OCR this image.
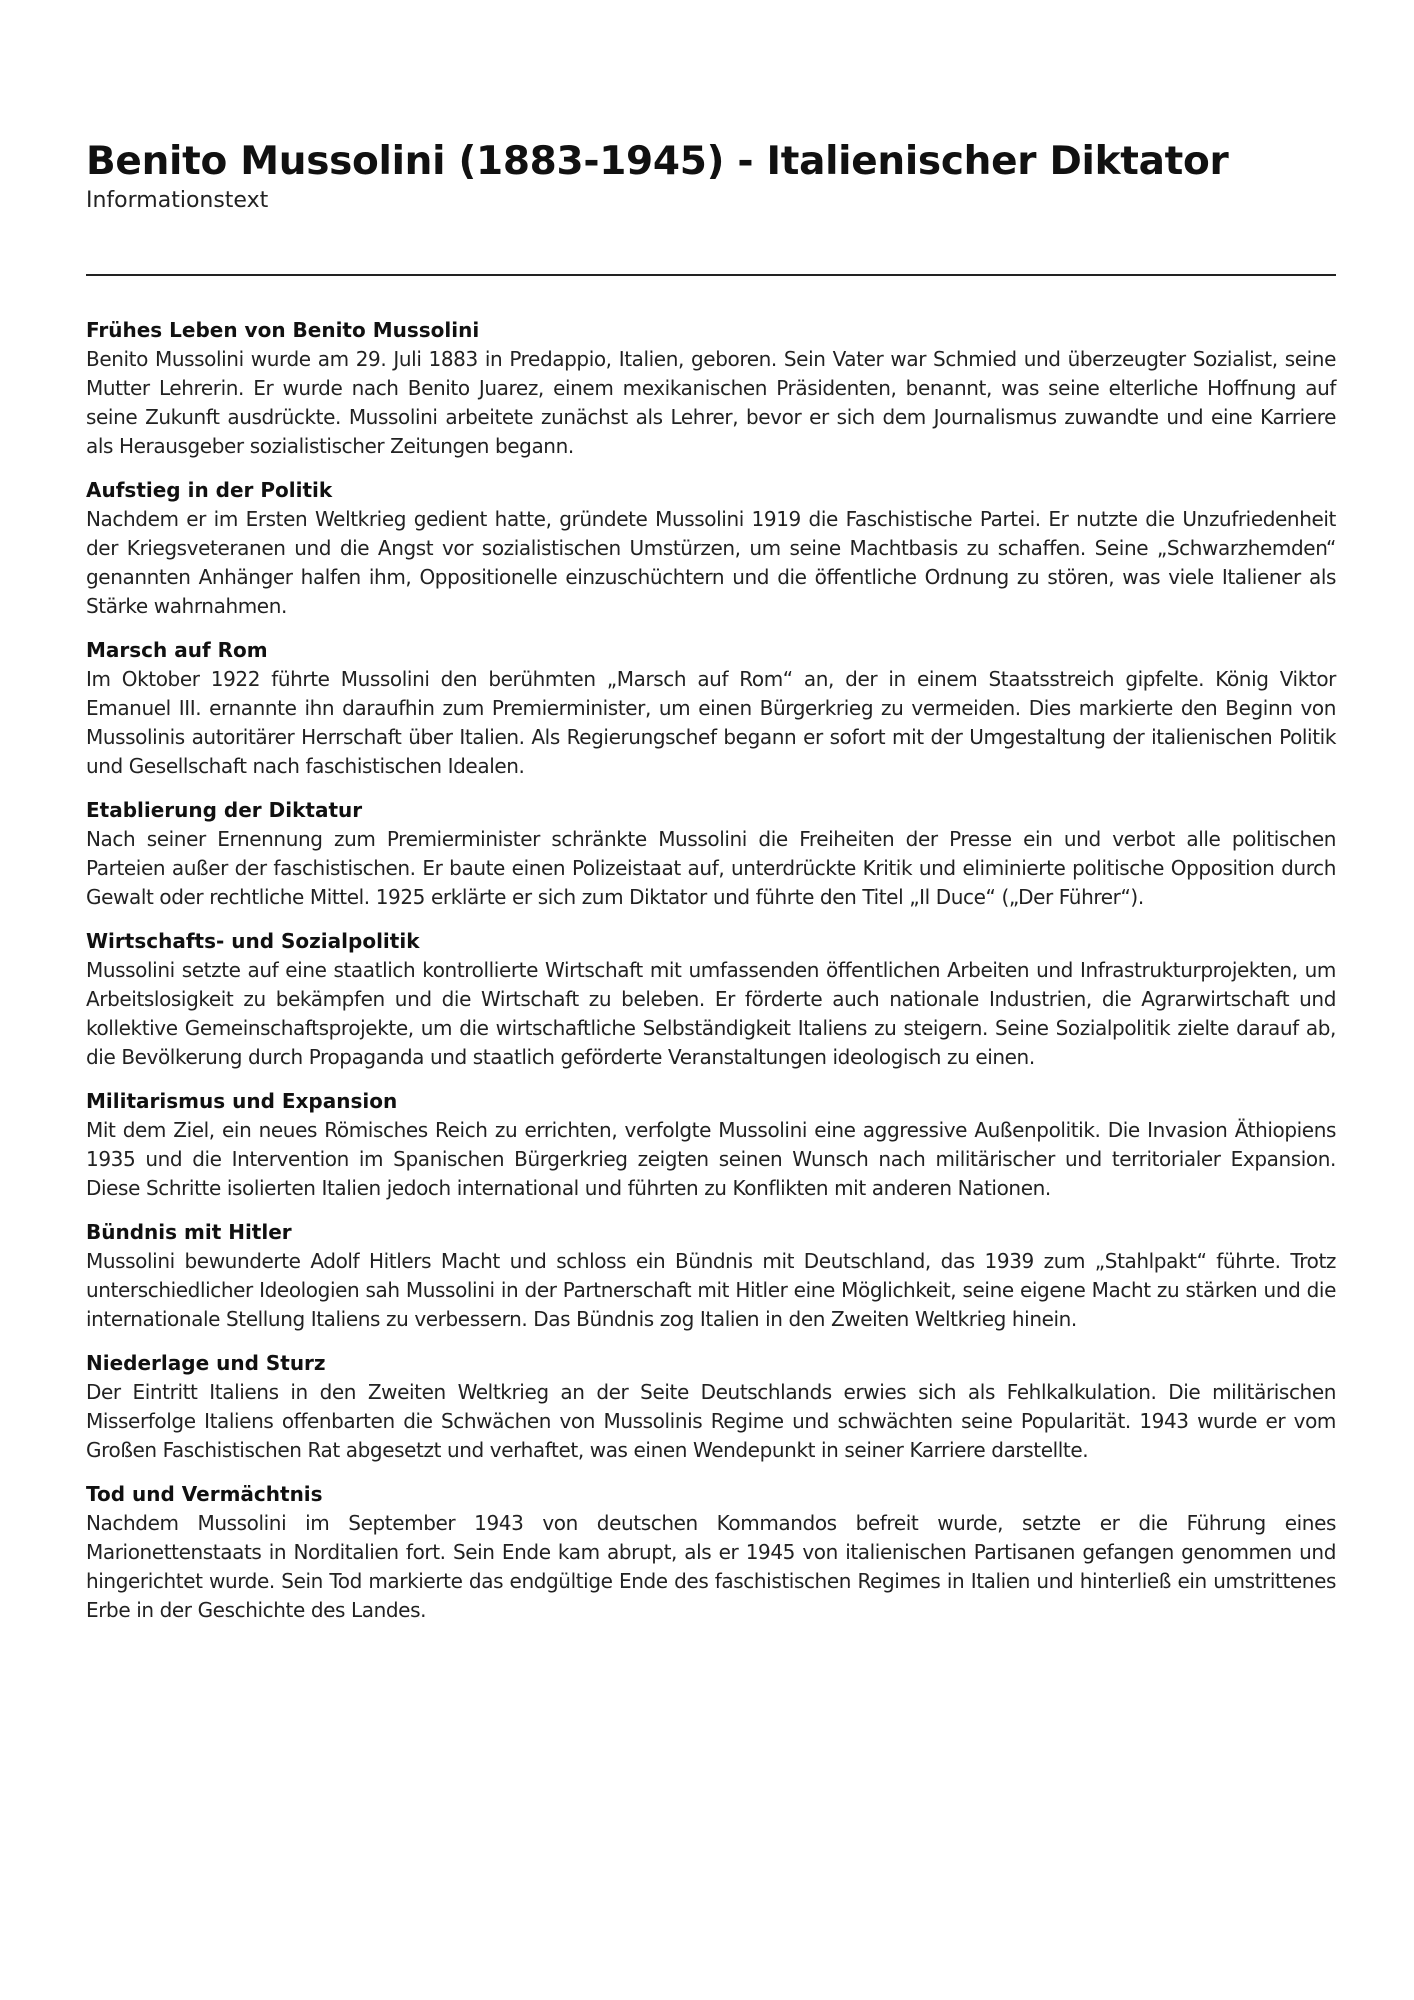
Benito Mussolini (1883-1945) - Italienischer Diktator

Informationstext

Frühes Leben von Benito Mussolini

Benito Mussolini wurde am 29. Juli 1883 in Predappio, Italien, geboren. Sein Vater war Schmied und überzeugter Sozialist, seine Mutter Lehrerin. Er wurde nach Benito Juarez, einem mexikanischen Präsidenten, benannt, was seine elterliche Hoffnung auf seine Zukunft ausdrückte. Mussolini arbeitete zunächst als Lehrer, bevor er sich dem Journalismus zuwandte und eine Karriere als Herausgeber sozialistischer Zeitungen begann.

Aufstieg in der Politik

Nachdem er im Ersten Weltkrieg gedient hatte, gründete Mussolini 1919 die Faschistische Partei. Er nutzte die Unzufriedenheit der Kriegsveteranen und die Angst vor sozialistischen Umstürzen, um seine Machtbasis zu schaffen. Seine „Schwarzhemden“ genannten Anhänger halfen ihm, Oppositionelle einzuschüchtern und die öffentliche Ordnung zu stören, was viele Italiener als Stärke wahrnahmen.

Marsch auf Rom

Im Oktober 1922 führte Mussolini den berühmten „Marsch auf Rom“ an, der in einem Staatsstreich gipfelte. König Viktor Emanuel III. ernannte ihn daraufhin zum Premierminister, um einen Bürgerkrieg zu vermeiden. Dies markierte den Beginn von Mussolinis autoritärer Herrschaft über Italien. Als Regierungschef begann er sofort mit der Umgestaltung der italienischen Politik und Gesellschaft nach faschistischen Idealen.

Etablierung der Diktatur

Nach seiner Ernennung zum Premierminister schränkte Mussolini die Freiheiten der Presse ein und verbot alle politischen Parteien außer der faschistischen. Er baute einen Polizeistaat auf, unterdrückte Kritik und eliminierte politische Opposition durch Gewalt oder rechtliche Mittel. 1925 erklärte er sich zum Diktator und führte den Titel „Il Duce“ („Der Führer“).

Wirtschafts- und Sozialpolitik

Mussolini setzte auf eine staatlich kontrollierte Wirtschaft mit umfassenden öffentlichen Arbeiten und Infrastrukturprojekten, um Arbeitslosigkeit zu bekämpfen und die Wirtschaft zu beleben. Er förderte auch nationale Industrien, die Agrarwirtschaft und kollektive Gemeinschaftsprojekte, um die wirtschaftliche Selbständigkeit Italiens zu steigern. Seine Sozialpolitik zielte darauf ab, die Bevölkerung durch Propaganda und staatlich geförderte Veranstaltungen ideologisch zu einen.

Militarismus und Expansion

Mit dem Ziel, ein neues Römisches Reich zu errichten, verfolgte Mussolini eine aggressive Außenpolitik. Die Invasion Äthiopiens 1935 und die Intervention im Spanischen Bürgerkrieg zeigten seinen Wunsch nach militärischer und territorialer Expansion. Diese Schritte isolierten Italien jedoch international und führten zu Konflikten mit anderen Nationen.

Bündnis mit Hitler

Mussolini bewunderte Adolf Hitlers Macht und schloss ein Bündnis mit Deutschland, das 1939 zum „Stahlpakt“ führte. Trotz unterschiedlicher Ideologien sah Mussolini in der Partnerschaft mit Hitler eine Möglichkeit, seine eigene Macht zu stärken und die internationale Stellung Italiens zu verbessern. Das Bündnis zog Italien in den Zweiten Weltkrieg hinein.

Niederlage und Sturz

Der Eintritt Italiens in den Zweiten Weltkrieg an der Seite Deutschlands erwies sich als Fehlkalkulation. Die militärischen Misserfolge Italiens offenbarten die Schwächen von Mussolinis Regime und schwächten seine Popularität. 1943 wurde er vom Großen Faschistischen Rat abgesetzt und verhaftet, was einen Wendepunkt in seiner Karriere darstellte.

Tod und Vermächtnis

Nachdem Mussolini im September 1943 von deutschen Kommandos befreit wurde, setzte er die Führung eines Marionettenstaats in Norditalien fort. Sein Ende kam abrupt, als er 1945 von italienischen Partisanen gefangen genommen und hingerichtet wurde. Sein Tod markierte das endgültige Ende des faschistischen Regimes in Italien und hinterließ ein umstrittenes Erbe in der Geschichte des Landes.
